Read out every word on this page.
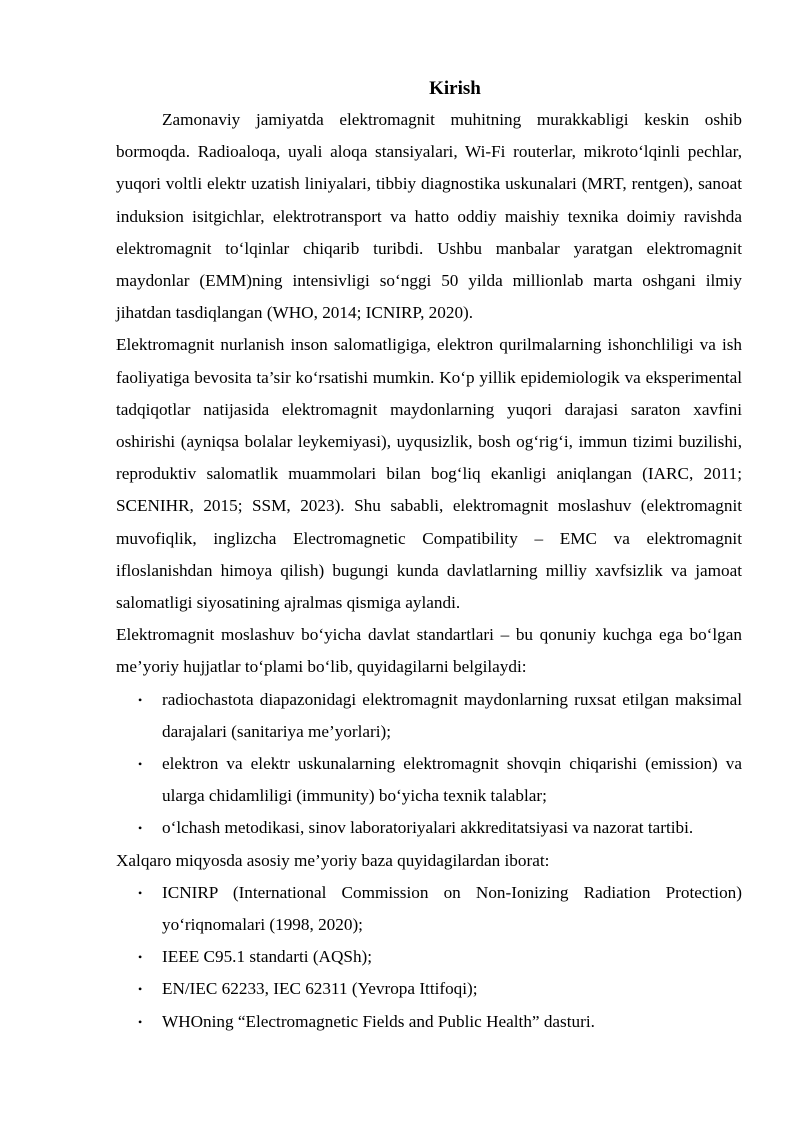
Kirish

Zamonaviy jamiyatda elektromagnit muhitning murakkabligi keskin oshib bormoqda. Radioaloqa, uyali aloqa stansiyalari, Wi-Fi routerlar, mikroto‘lqinli pechlar, yuqori voltli elektr uzatish liniyalari, tibbiy diagnostika uskunalari (MRT, rentgen), sanoat induksion isitgichlar, elektrotransport va hatto oddiy maishiy texnika doimiy ravishda elektromagnit to‘lqinlar chiqarib turibdi. Ushbu manbalar yaratgan elektromagnit maydonlar (EMM)ning intensivligi so‘nggi 50 yilda millionlab marta oshgani ilmiy jihatdan tasdiqlangan (WHO, 2014; ICNIRP, 2020).

Elektromagnit nurlanish inson salomatligiga, elektron qurilmalarning ishonchliligi va ish faoliyatiga bevosita ta’sir ko‘rsatishi mumkin. Ko‘p yillik epidemiologik va eksperimental tadqiqotlar natijasida elektromagnit maydonlarning yuqori darajasi saraton xavfini oshirishi (ayniqsa bolalar leykemiyasi), uyqusizlik, bosh og‘rig‘i, immun tizimi buzilishi, reproduktiv salomatlik muammolari bilan bog‘liq ekanligi aniqlangan (IARC, 2011; SCENIHR, 2015; SSM, 2023). Shu sababli, elektromagnit moslashuv (elektromagnit muvofiqlik, inglizcha Electromagnetic Compatibility – EMC va elektromagnit ifloslanishdan himoya qilish) bugungi kunda davlatlarning milliy xavfsizlik va jamoat salomatligi siyosatining ajralmas qismiga aylandi.

Elektromagnit moslashuv bo‘yicha davlat standartlari – bu qonuniy kuchga ega bo‘lgan me’yoriy hujjatlar to‘plami bo‘lib, quyidagilarni belgilaydi:

• radiochastota diapazonidagi elektromagnit maydonlarning ruxsat etilgan maksimal darajalari (sanitariya me’yorlari);
• elektron va elektr uskunalarning elektromagnit shovqin chiqarishi (emission) va ularga chidamliligi (immunity) bo‘yicha texnik talablar;
• o‘lchash metodikasi, sinov laboratoriyalari akkreditatsiyasi va nazorat tartibi.

Xalqaro miqyosda asosiy me’yoriy baza quyidagilardan iborat:

• ICNIRP (International Commission on Non-Ionizing Radiation Protection) yo‘riqnomalari (1998, 2020);
• IEEE C95.1 standarti (AQSh);
• EN/IEC 62233, IEC 62311 (Yevropa Ittifoqi);
• WHOning “Electromagnetic Fields and Public Health” dasturi.
